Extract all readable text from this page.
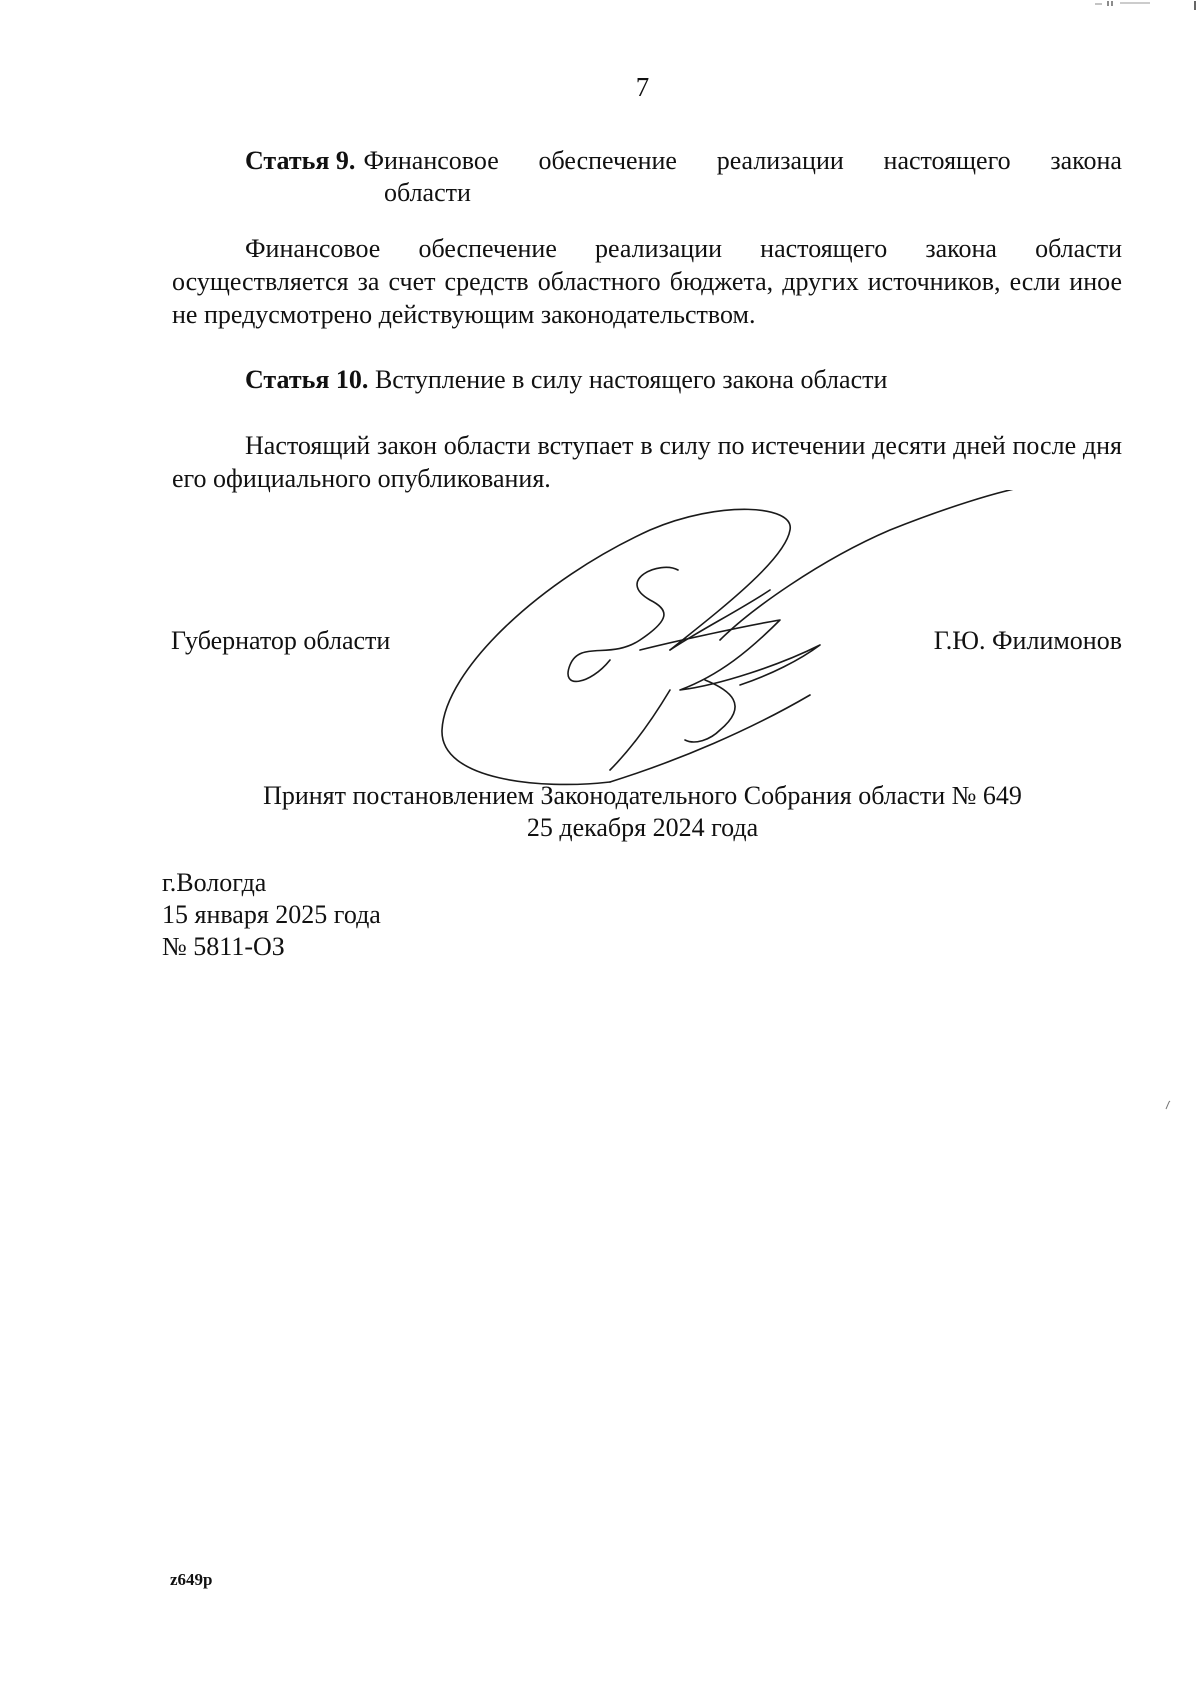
7
Статья 9. Финансовое обеспечение реализации настоящего закона
области
Финансовое обеспечение реализации настоящего закона области осуществляется за счет средств областного бюджета, других источников, если иное не предусмотрено действующим законодательством.
Статья 10. Вступление в силу настоящего закона области
Настоящий закон области вступает в силу по истечении десяти дней после дня его официального опубликования.
Губернатор области	Г.Ю. Филимонов
Принят постановлением Законодательного Собрания области № 649
25 декабря 2024 года
г.Вологда
15 января 2025 года
№ 5811-ОЗ
z649p
